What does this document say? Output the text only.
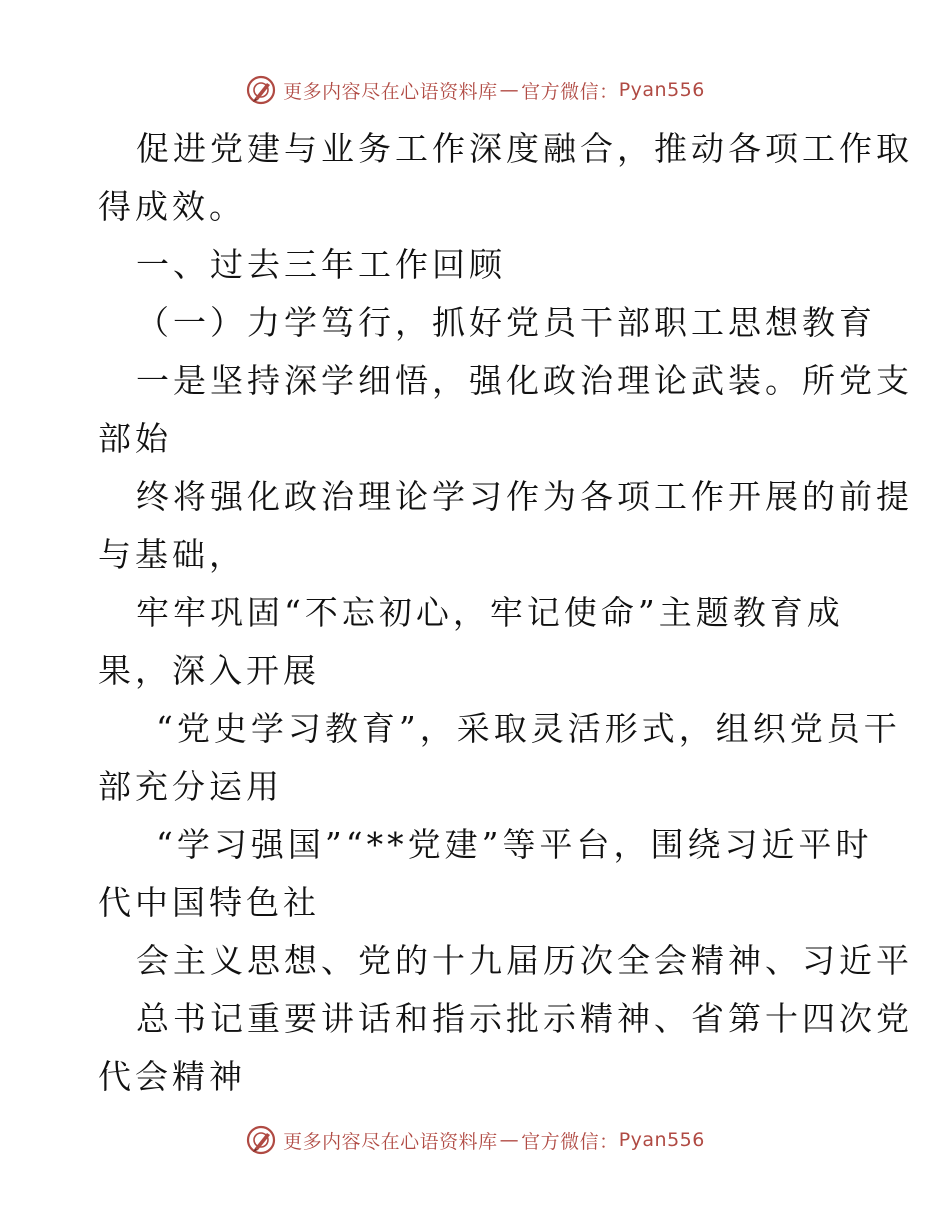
更多内容尽在心语资料库 — 官方微信： Pyan556
促进党建与业务工作深度融合，推动各项工作取
得成效。
一、过去三年工作回顾
（一）力学笃行，抓好党员干部职工思想教育
一是坚持深学细悟，强化政治理论武装。所党支
部始
终将强化政治理论学习作为各项工作开展的前提
与基础，
牢牢巩固“不忘初心，牢记使命”主题教育成
果，深入开展
“党史学习教育”，采取灵活形式，组织党员干
部充分运用
“学习强国”“**党建”等平台，围绕习近平时
代中国特色社
会主义思想、党的十九届历次全会精神、习近平
总书记重要讲话和指示批示精神、省第十四次党
代会精神
更多内容尽在心语资料库 — 官方微信： Pyan556
